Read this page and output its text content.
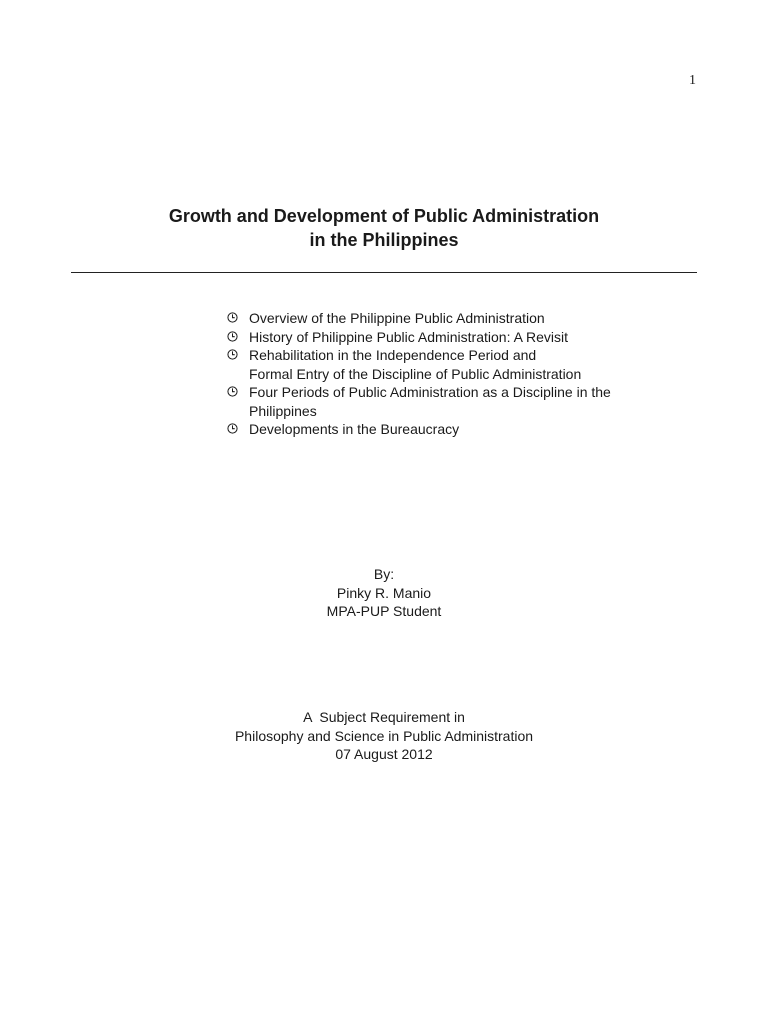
1
Growth and Development of Public Administration
in the Philippines
Overview of the Philippine Public Administration
History of Philippine Public Administration: A Revisit
Rehabilitation in the Independence Period and
Formal Entry of the Discipline of Public Administration
Four Periods of Public Administration as a Discipline in the
Philippines
Developments in the Bureaucracy
By:
Pinky R. Manio
MPA-PUP Student
A  Subject Requirement in
Philosophy and Science in Public Administration
07 August 2012
